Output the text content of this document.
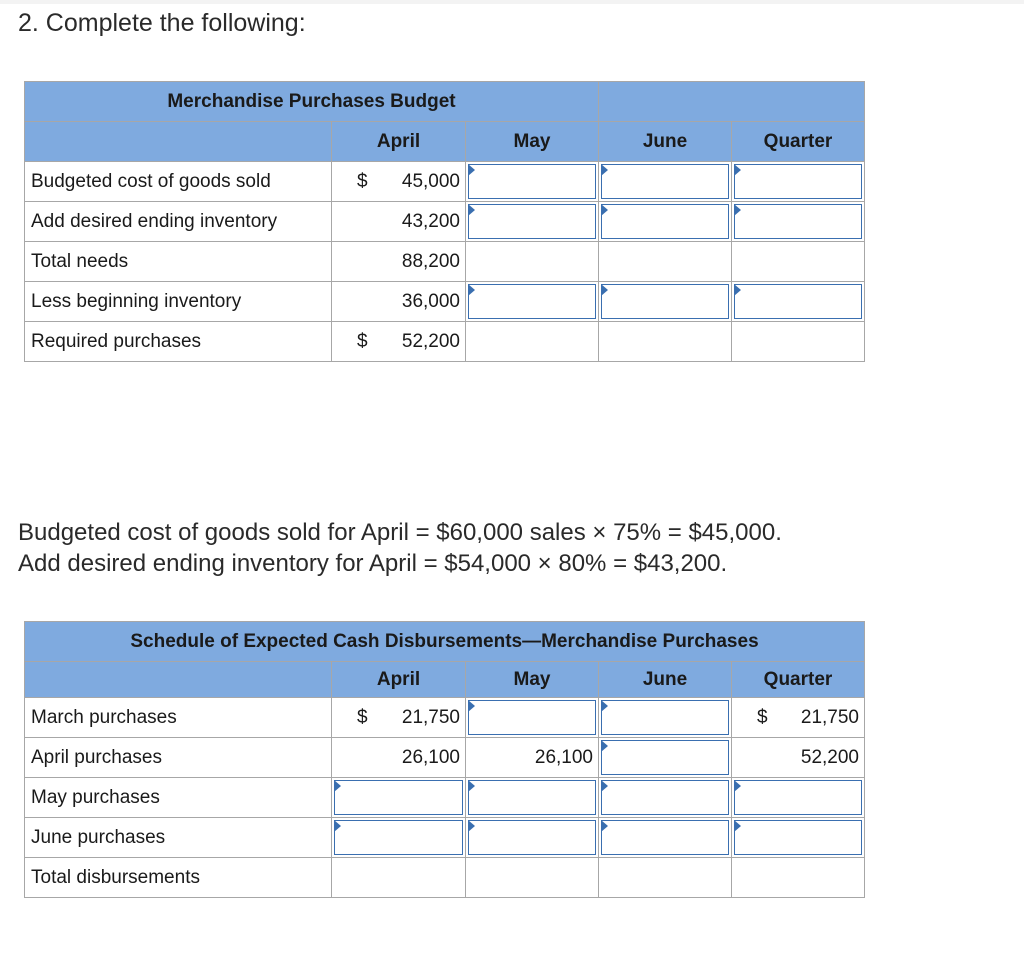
2. Complete the following:
Merchandise Purchases Budget				
	April	May	June	Quarter
Budgeted cost of goods sold	$ 45,000	

Add desired ending inventory	43,200	

Total needs	88,200			
Less beginning inventory	36,000	

Required purchases	$ 52,200			
Budgeted cost of goods sold for April = $60,000 sales × 75% = $45,000.
Add desired ending inventory for April = $54,000 × 80% = $43,200.
Schedule of Expected Cash Disbursements—Merchandise Purchases				
	April	May	June	Quarter
March purchases	$ 21,750			$ 21,750
April purchases	26,100	26,100		52,200
May purchases	

June purchases	

Total disbursements				
